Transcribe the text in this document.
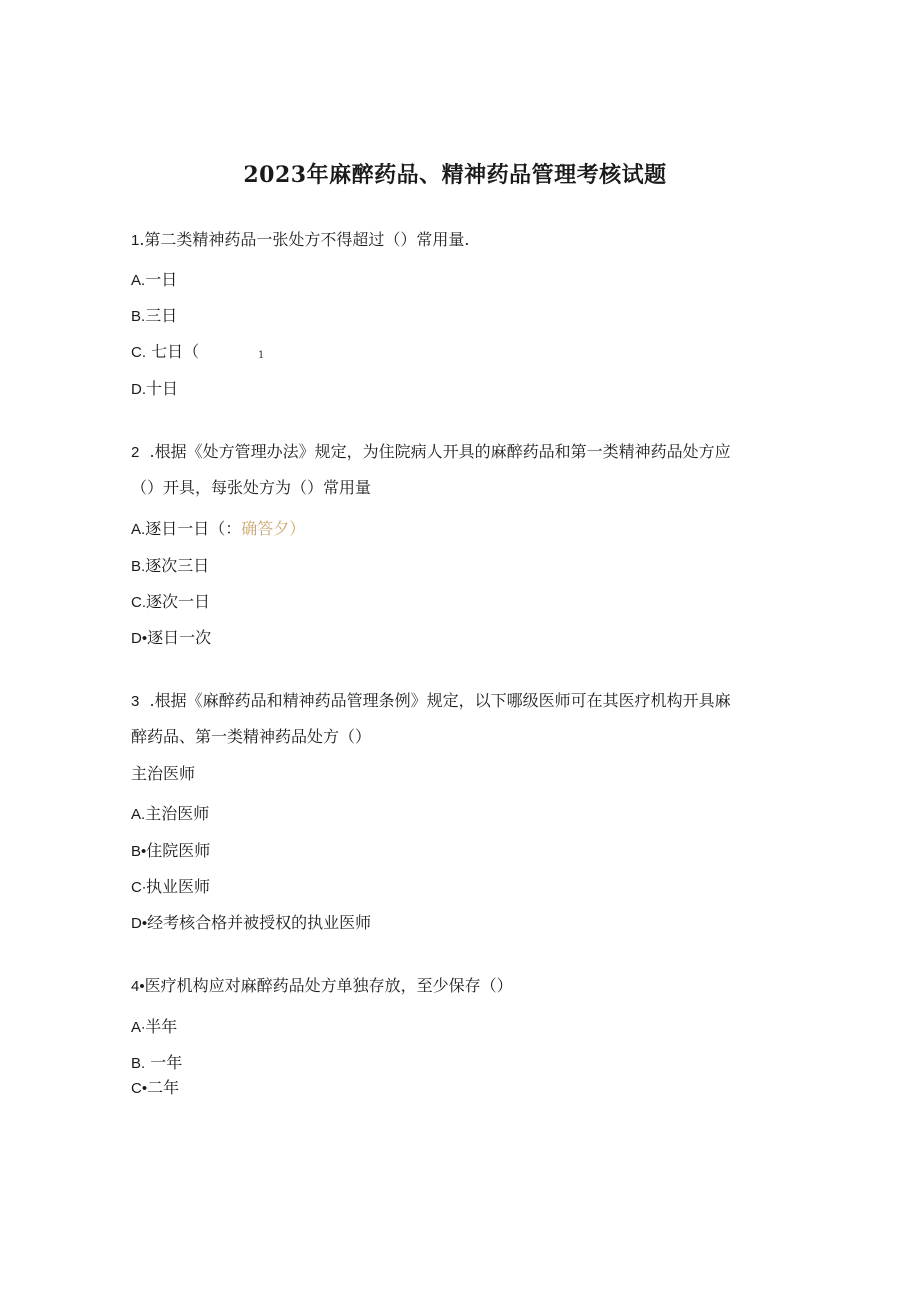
2023年麻醉药品、精神药品管理考核试题
1.第二类精神药品一张处方不得超过（）常用量.
A.一日
B.三日
C. 七日（	1
D.十日
2  .根据《处方管理办法》规定，为住院病人开具的麻醉药品和第一类精神药品处方应
（）开具，每张处方为（）常用量
A.逐日一日（：确答夕）
B.逐次三日
C.逐次一日
D•逐日一次
3  .根据《麻醉药品和精神药品管理条例》规定，以下哪级医师可在其医疗机构开具麻
醉药品、第一类精神药品处方（）
主治医师
A.主治医师
B•住院医师
C∙执业医师
D•经考核合格并被授权的执业医师
4•医疗机构应对麻醉药品处方单独存放，至少保存（）
A∙半年
B. 一年
C•二年
